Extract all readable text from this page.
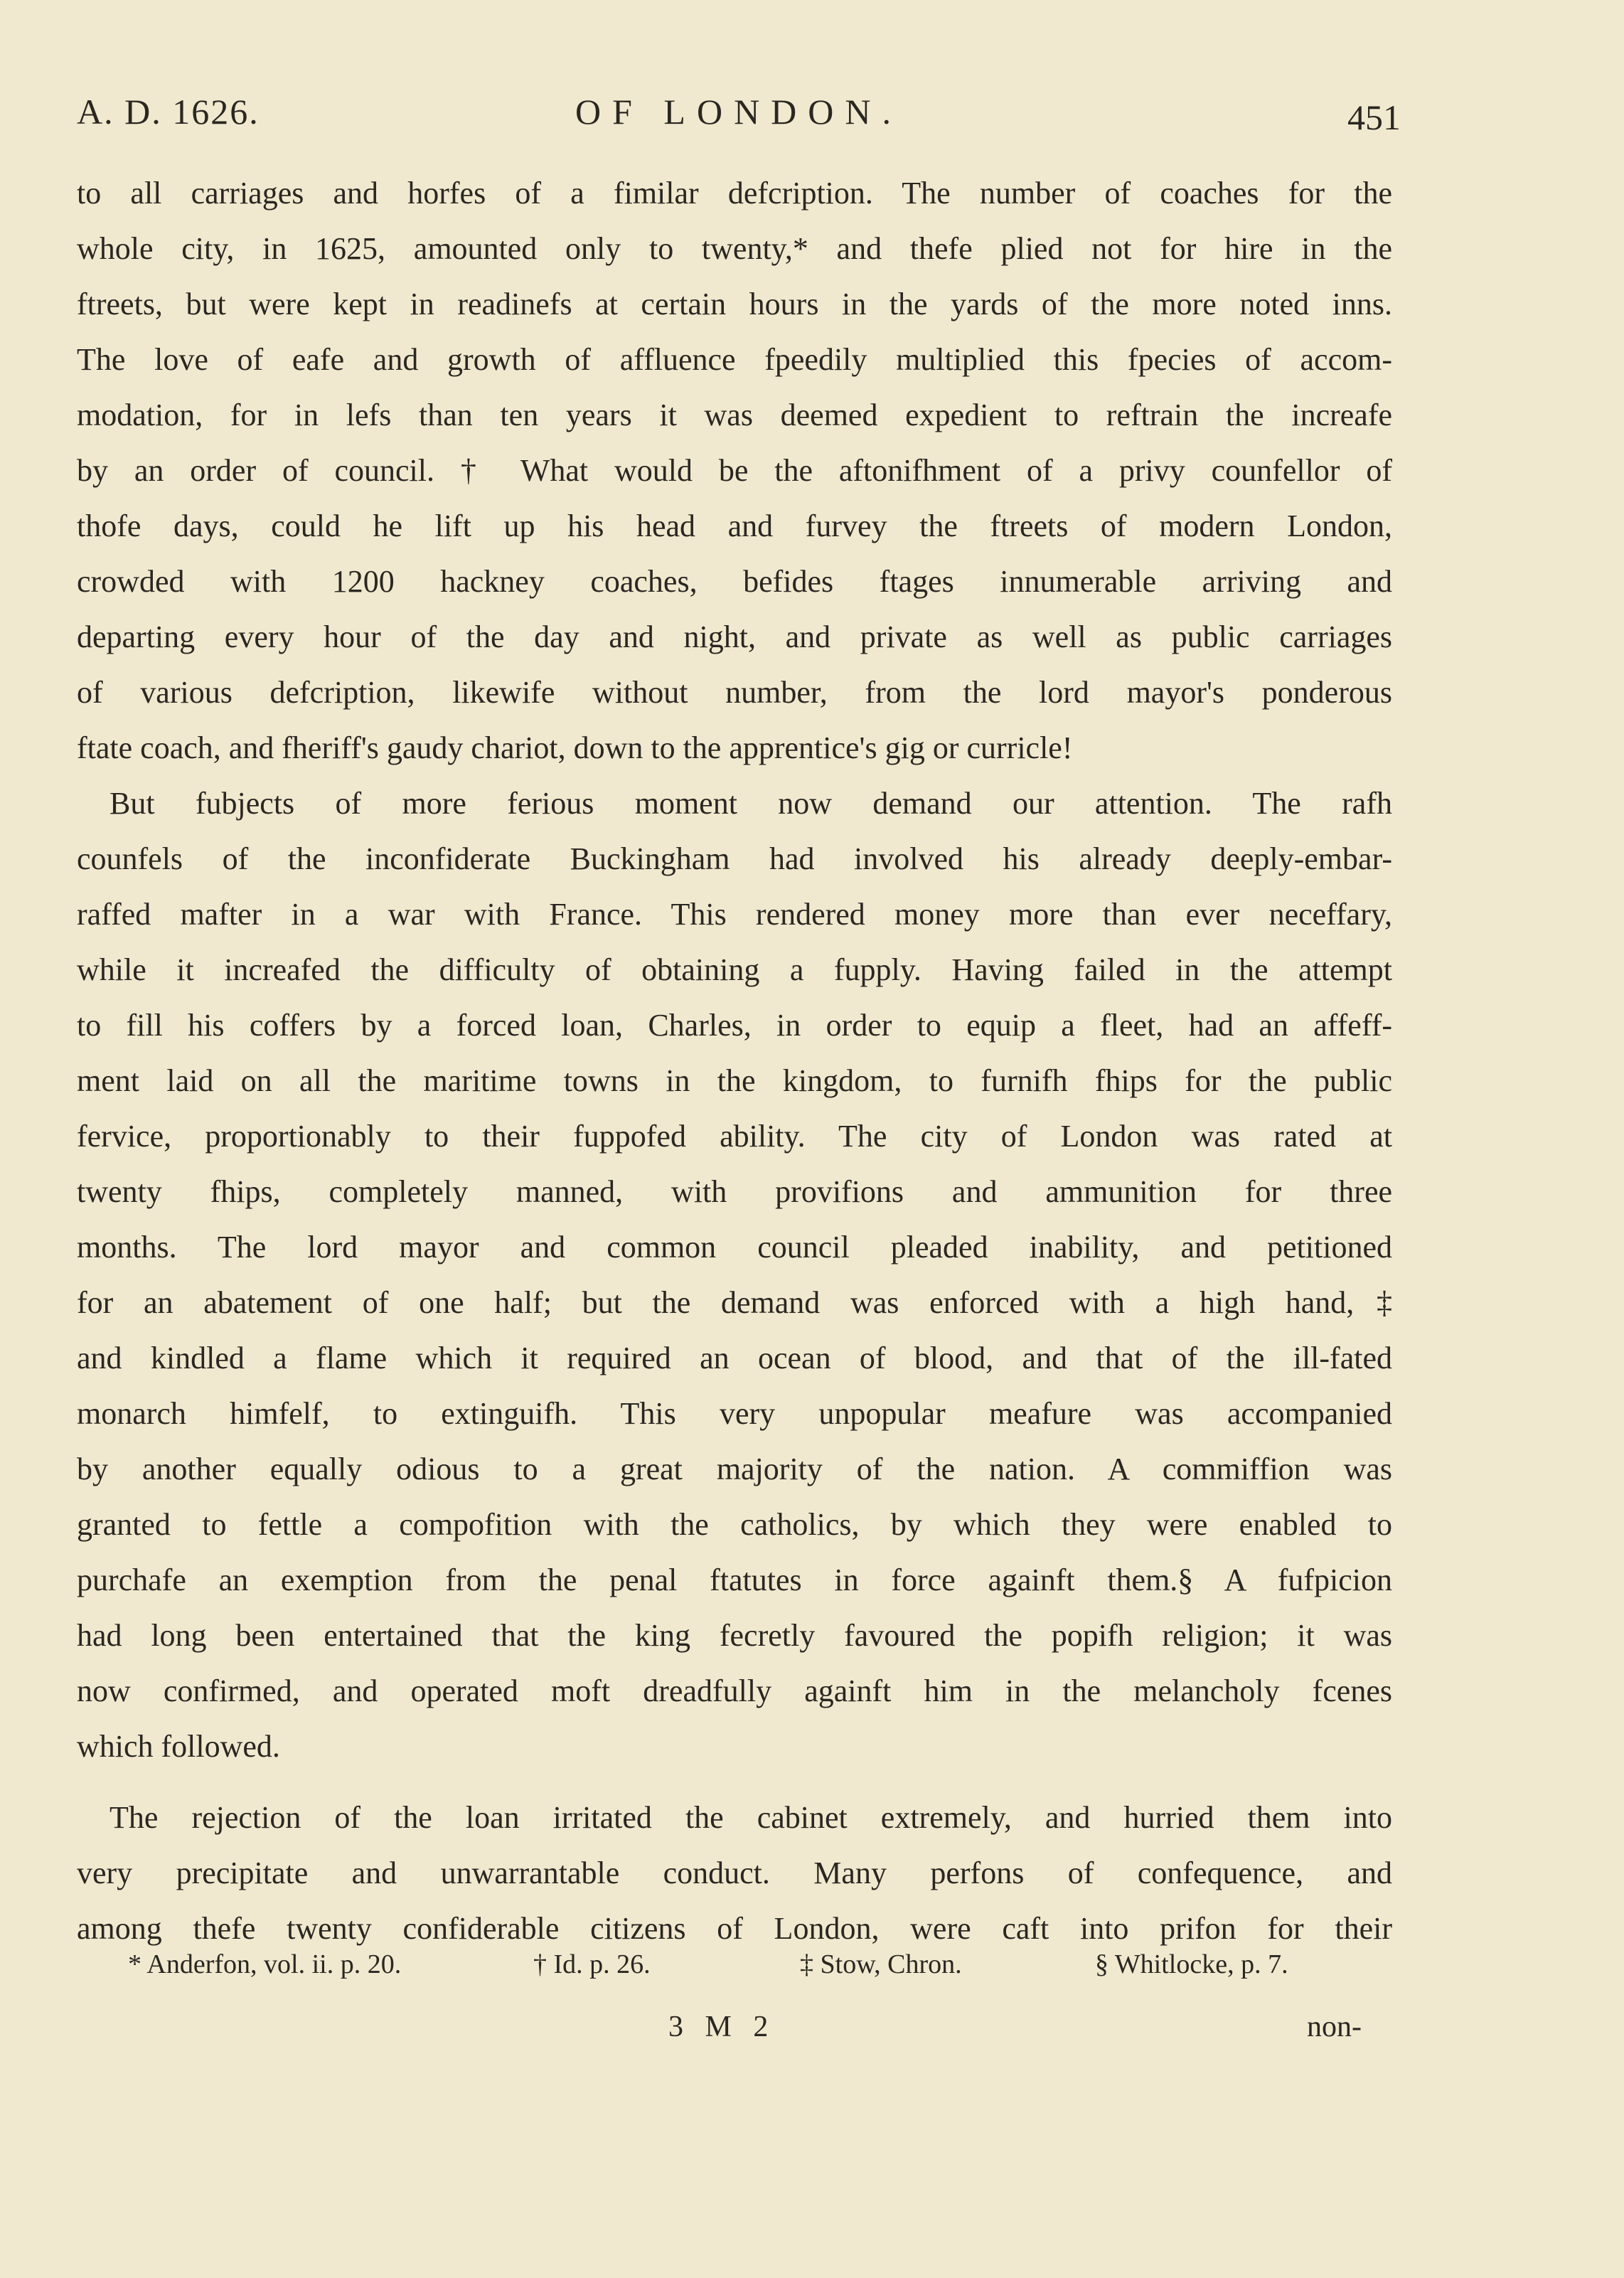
A. D. 1626.	OF LONDON.	451
to all carriages and horfes of a fimilar defcription. The number of coaches for the
whole city, in 1625, amounted only to twenty,* and thefe plied not for hire in the
ftreets, but were kept in readinefs at certain hours in the yards of the more noted inns.
The love of eafe and growth of affluence fpeedily multiplied this fpecies of accom-
modation, for in lefs than ten years it was deemed expedient to reftrain the increafe
by an order of council. † What would be the aftonifhment of a privy counfellor of
thofe days, could he lift up his head and furvey the ftreets of modern London,
crowded with 1200 hackney coaches, befides ftages innumerable arriving and
departing every hour of the day and night, and private as well as public carriages
of various defcription, likewife without number, from the lord mayor's ponderous
ftate coach, and fheriff's gaudy chariot, down to the apprentice's gig or curricle!
But fubjects of more ferious moment now demand our attention. The rafh
counfels of the inconfiderate Buckingham had involved his already deeply-embar-
raffed mafter in a war with France. This rendered money more than ever neceffary,
while it increafed the difficulty of obtaining a fupply. Having failed in the attempt
to fill his coffers by a forced loan, Charles, in order to equip a fleet, had an affeff-
ment laid on all the maritime towns in the kingdom, to furnifh fhips for the public
fervice, proportionably to their fuppofed ability. The city of London was rated at
twenty fhips, completely manned, with provifions and ammunition for three
months. The lord mayor and common council pleaded inability, and petitioned
for an abatement of one half; but the demand was enforced with a high hand,‡
and kindled a flame which it required an ocean of blood, and that of the ill-fated
monarch himfelf, to extinguifh. This very unpopular meafure was accompanied
by another equally odious to a great majority of the nation. A commiffion was
granted to fettle a compofition with the catholics, by which they were enabled to
purchafe an exemption from the penal ftatutes in force againft them.§ A fufpicion
had long been entertained that the king fecretly favoured the popifh religion; it was
now confirmed, and operated moft dreadfully againft him in the melancholy fcenes
which followed.
The rejection of the loan irritated the cabinet extremely, and hurried them into
very precipitate and unwarrantable conduct. Many perfons of confequence, and
among thefe twenty confiderable citizens of London, were caft into prifon for their
* Anderfon, vol. ii. p. 20.	† Id. p. 26.	‡ Stow, Chron.	§ Whitlocke, p. 7.
3 M 2	non-
